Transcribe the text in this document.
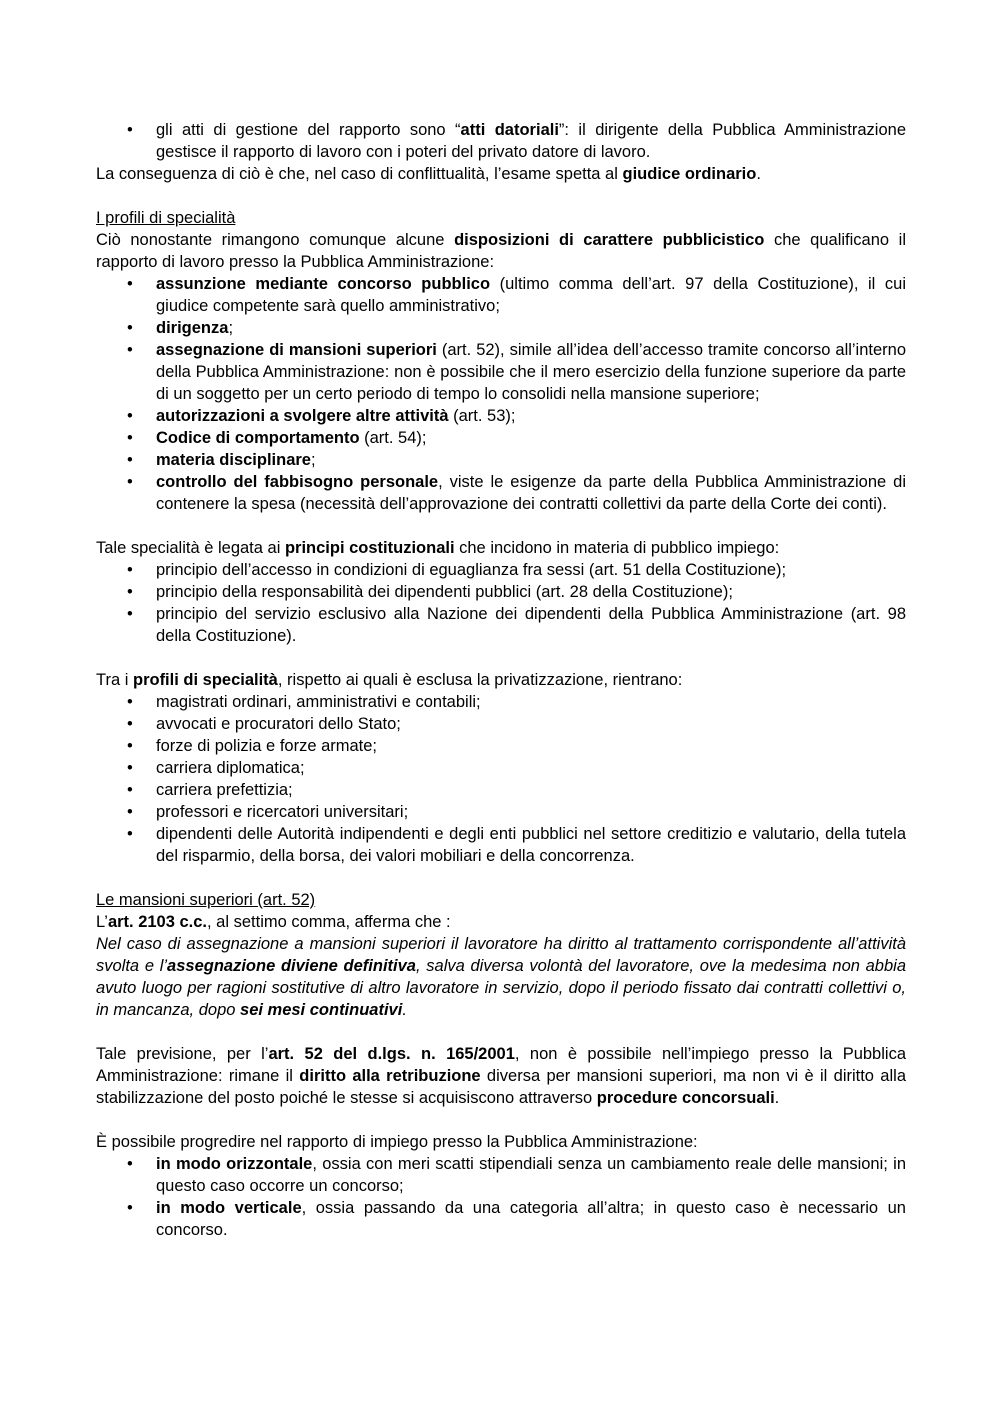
• gli atti di gestione del rapporto sono “atti datoriali”: il dirigente della Pubblica Amministrazione gestisce il rapporto di lavoro con i poteri del privato datore di lavoro.

La conseguenza di ciò è che, nel caso di conflittualità, l’esame spetta al giudice ordinario.

I profili di specialità

Ciò nonostante rimangono comunque alcune disposizioni di carattere pubblicistico che qualificano il rapporto di lavoro presso la Pubblica Amministrazione:

• assunzione mediante concorso pubblico (ultimo comma dell’art. 97 della Costituzione), il cui giudice competente sarà quello amministrativo;
• dirigenza;
• assegnazione di mansioni superiori (art. 52), simile all’idea dell’accesso tramite concorso all’interno della Pubblica Amministrazione: non è possibile che il mero esercizio della funzione superiore da parte di un soggetto per un certo periodo di tempo lo consolidi nella mansione superiore;
• autorizzazioni a svolgere altre attività (art. 53);
• Codice di comportamento (art. 54);
• materia disciplinare;
• controllo del fabbisogno personale, viste le esigenze da parte della Pubblica Amministrazione di contenere la spesa (necessità dell’approvazione dei contratti collettivi da parte della Corte dei conti).

Tale specialità è legata ai principi costituzionali che incidono in materia di pubblico impiego:

• principio dell’accesso in condizioni di eguaglianza fra sessi (art. 51 della Costituzione);
• principio della responsabilità dei dipendenti pubblici (art. 28 della Costituzione);
• principio del servizio esclusivo alla Nazione dei dipendenti della Pubblica Amministrazione (art. 98 della Costituzione).

Tra i profili di specialità, rispetto ai quali è esclusa la privatizzazione, rientrano:

• magistrati ordinari, amministrativi e contabili;
• avvocati e procuratori dello Stato;
• forze di polizia e forze armate;
• carriera diplomatica;
• carriera prefettizia;
• professori e ricercatori universitari;
• dipendenti delle Autorità indipendenti e degli enti pubblici nel settore creditizio e valutario, della tutela del risparmio, della borsa, dei valori mobiliari e della concorrenza.

Le mansioni superiori (art. 52)

L’art. 2103 c.c., al settimo comma, afferma che :

Nel caso di assegnazione a mansioni superiori il lavoratore ha diritto al trattamento corrispondente all’attività svolta e l’assegnazione diviene definitiva, salva diversa volontà del lavoratore, ove la medesima non abbia avuto luogo per ragioni sostitutive di altro lavoratore in servizio, dopo il periodo fissato dai contratti collettivi o, in mancanza, dopo sei mesi continuativi.

Tale previsione, per l’art. 52 del d.lgs. n. 165/2001, non è possibile nell’impiego presso la Pubblica Amministrazione: rimane il diritto alla retribuzione diversa per mansioni superiori, ma non vi è il diritto alla stabilizzazione del posto poiché le stesse si acquisiscono attraverso procedure concorsuali.

È possibile progredire nel rapporto di impiego presso la Pubblica Amministrazione:

• in modo orizzontale, ossia con meri scatti stipendiali senza un cambiamento reale delle mansioni; in questo caso occorre un concorso;
• in modo verticale, ossia passando da una categoria all’altra; in questo caso è necessario un concorso.
